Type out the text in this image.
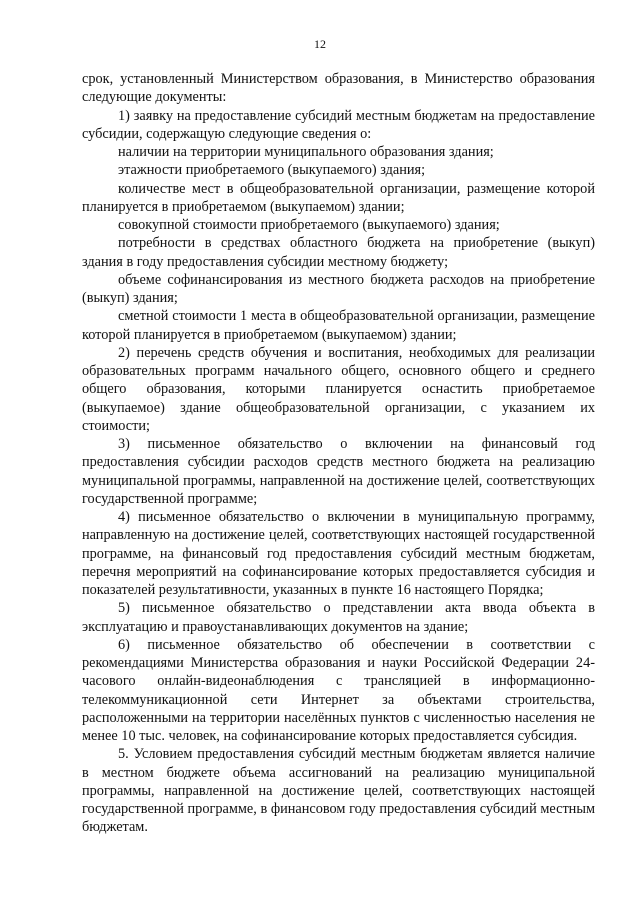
12

срок, установленный Министерством образования, в Министерство образования следующие документы:

1) заявку на предоставление субсидий местным бюджетам на предоставление субсидии, содержащую следующие сведения о:

наличии на территории муниципального образования здания;

этажности приобретаемого (выкупаемого) здания;

количестве мест в общеобразовательной организации, размещение которой планируется в приобретаемом (выкупаемом) здании;

совокупной стоимости приобретаемого (выкупаемого) здания;

потребности в средствах областного бюджета на приобретение (выкуп) здания в году предоставления субсидии местному бюджету;

объеме софинансирования из местного бюджета расходов на приобретение (выкуп) здания;

сметной стоимости 1 места в общеобразовательной организации, размещение которой планируется в приобретаемом (выкупаемом) здании;

2) перечень средств обучения и воспитания, необходимых для реализации образовательных программ начального общего, основного общего и среднего общего образования, которыми планируется оснастить приобретаемое (выкупаемое) здание общеобразовательной организации, с указанием их стоимости;

3) письменное обязательство о включении на финансовый год предоставления субсидии расходов средств местного бюджета на реализацию муниципальной программы, направленной на достижение целей, соответствующих государственной программе;

4) письменное обязательство о включении в муниципальную программу, направленную на достижение целей, соответствующих настоящей государственной программе, на финансовый год предоставления субсидий местным бюджетам, перечня мероприятий на софинансирование которых предоставляется субсидия и показателей результативности, указанных в пункте 16 настоящего Порядка;

5) письменное обязательство о представлении акта ввода объекта в эксплуатацию и правоустанавливающих документов на здание;

6) письменное обязательство об обеспечении в соответствии с рекомендациями Министерства образования и науки Российской Федерации 24-часового онлайн-видеонаблюдения с трансляцией в информационно-телекоммуникационной сети Интернет за объектами строительства, расположенными на территории населённых пунктов с численностью населения не менее 10 тыс. человек, на софинансирование которых предоставляется субсидия.

5. Условием предоставления субсидий местным бюджетам является наличие в местном бюджете объема ассигнований на реализацию муниципальной программы, направленной на достижение целей, соответствующих настоящей государственной программе, в финансовом году предоставления субсидий местным бюджетам.
